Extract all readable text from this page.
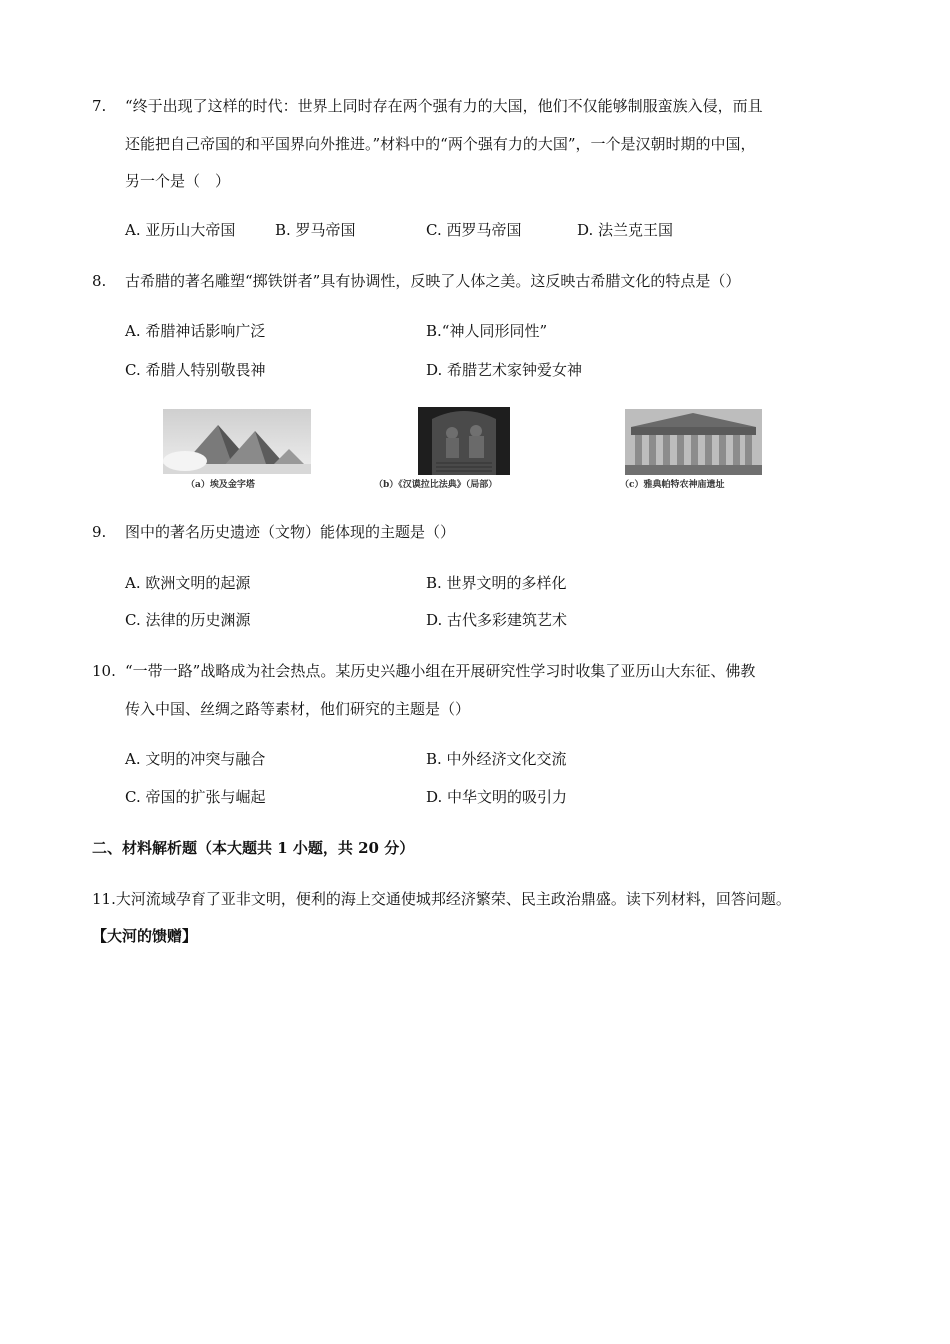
7. “终于出现了这样的时代：世界上同时存在两个强有力的大国，他们不仅能够制服蛮族入侵，而且
还能把自己帝国的和平国界向外推进。”材料中的“两个强有力的大国”，一个是汉朝时期的中国，
另一个是（　）
A. 亚历山大帝国	B. 罗马帝国	C. 西罗马帝国	D. 法兰克王国
8. 古希腊的著名雕塑“掷铁饼者”具有协调性，反映了人体之美。这反映古希腊文化的特点是（）
A. 希腊神话影响广泛	B.“神人同形同性”
C. 希腊人特别敬畏神	D. 希腊艺术家钟爱女神
（a）埃及金字塔	（b）《汉谟拉比法典》（局部）	（c）雅典帕特农神庙遗址
9. 图中的著名历史遗迹（文物）能体现的主题是（）
A. 欧洲文明的起源	B. 世界文明的多样化
C. 法律的历史渊源	D. 古代多彩建筑艺术
10. “一带一路”战略成为社会热点。某历史兴趣小组在开展研究性学习时收集了亚历山大东征、佛教
传入中国、丝绸之路等素材，他们研究的主题是（）
A. 文明的冲突与融合	B. 中外经济文化交流
C. 帝国的扩张与崛起	D. 中华文明的吸引力
二、材料解析题（本大题共 1 小题，共 20 分）
11.大河流域孕育了亚非文明，便利的海上交通使城邦经济繁荣、民主政治鼎盛。读下列材料，回答问题。
【大河的馈赠】
